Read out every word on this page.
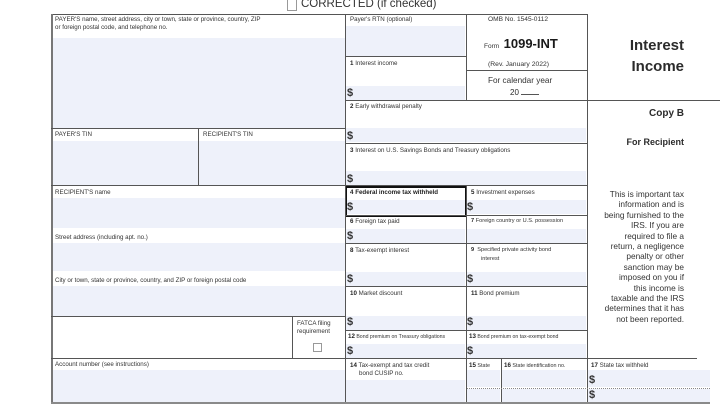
CORRECTED (if checked)
PAYER'S name, street address, city or town, state or province, country, ZIP
or foreign postal code, and telephone no.
PAYER'S TIN	RECIPIENT'S TIN
RECIPIENT'S name
Street address (including apt. no.)
City or town, state or province, country, and ZIP or foreign postal code
FATCA filing
requirement
Account number (see instructions)
Payer's RTN (optional)
1 Interest income
$
OMB No. 1545-0112
Form 1099-INT
(Rev. January 2022)
For calendar year
20
2 Early withdrawal penalty
$
3 Interest on U.S. Savings Bonds and Treasury obligations
$
4 Federal income tax withheld
$
5 Investment expenses
$
6 Foreign tax paid
$
7 Foreign country or U.S. possession
8 Tax-exempt interest
$
9 Specified private activity bond
interest
$
10 Market discount
$
11 Bond premium
$
12 Bond premium on Treasury obligations
$
13 Bond premium on tax-exempt bond
$
14 Tax-exempt and tax credit
bond CUSIP no.
15 State 16 State identification no.	17 State tax withheld
$
$
Interest
Income
Copy B
For Recipient
This is important tax
information and is
being furnished to the
IRS. If you are
required to file a
return, a negligence
penalty or other
sanction may be
imposed on you if
this income is
taxable and the IRS
determines that it has
not been reported.
